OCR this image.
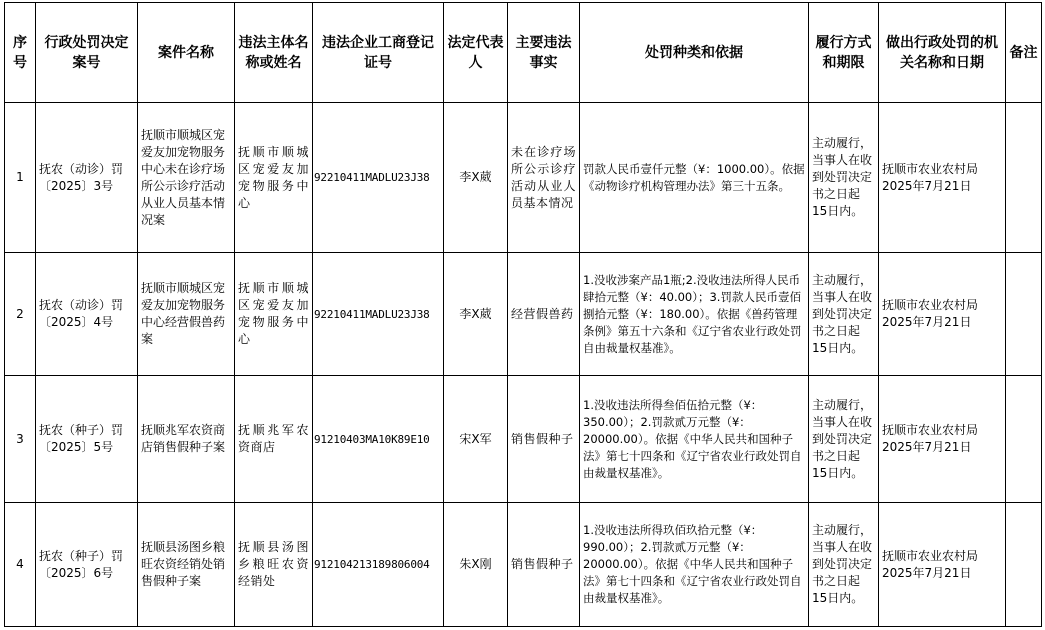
序号	行政处罚决定案号	案件名称	违法主体名称或姓名	违法企业工商登记证号	法定代表人	主要违法事实	处罚种类和依据	履行方式和期限	做出行政处罚的机关名称和日期	备注
1	抚农（动诊）罚〔2025〕3号	抚顺市顺城区宠爱友加宠物服务中心未在诊疗场所公示诊疗活动从业人员基本情况案	抚顺市顺城区宠爱友加宠物服务中心	92210411MADLU23J38	李X葳	未在诊疗场所公示诊疗活动从业人员基本情况	罚款人民币壹仟元整（¥：1000.00）。依据《动物诊疗机构管理办法》第三十五条。	主动履行，当事人在收到处罚决定书之日起15日内。	抚顺市农业农村局2025年7月21日	
2	抚农（动诊）罚〔2025〕4号	抚顺市顺城区宠爱友加宠物服务中心经营假兽药案	抚顺市顺城区宠爱友加宠物服务中心	92210411MADLU23J38	李X葳	经营假兽药	1.没收涉案产品1瓶;2.没收违法所得人民币肆拾元整（¥：40.00）；3.罚款人民币壹佰捌拾元整（¥：180.00）。依据《兽药管理条例》第五十六条和《辽宁省农业行政处罚自由裁量权基准》。	主动履行，当事人在收到处罚决定书之日起15日内。	抚顺市农业农村局2025年7月21日	
3	抚农（种子）罚〔2025〕5号	抚顺兆军农资商店销售假种子案	抚顺兆军农资商店	91210403MA10K89E10	宋X军	销售假种子	1.没收违法所得叁佰伍拾元整（¥：350.00）；2.罚款贰万元整（¥：20000.00）。依据《中华人民共和国种子法》第七十四条和《辽宁省农业行政处罚自由裁量权基准》。	主动履行，当事人在收到处罚决定书之日起15日内。	抚顺市农业农村局2025年7月21日	
4	抚农（种子）罚〔2025〕6号	抚顺县汤图乡粮旺农资经销处销售假种子案	抚顺县汤图乡粮旺农资经销处	912104213189806004	朱X刚	销售假种子	1.没收违法所得玖佰玖拾元整（¥：990.00）；2.罚款贰万元整（¥：20000.00）。依据《中华人民共和国种子法》第七十四条和《辽宁省农业行政处罚自由裁量权基准》。	主动履行，当事人在收到处罚决定书之日起15日内。	抚顺市农业农村局2025年7月21日	
